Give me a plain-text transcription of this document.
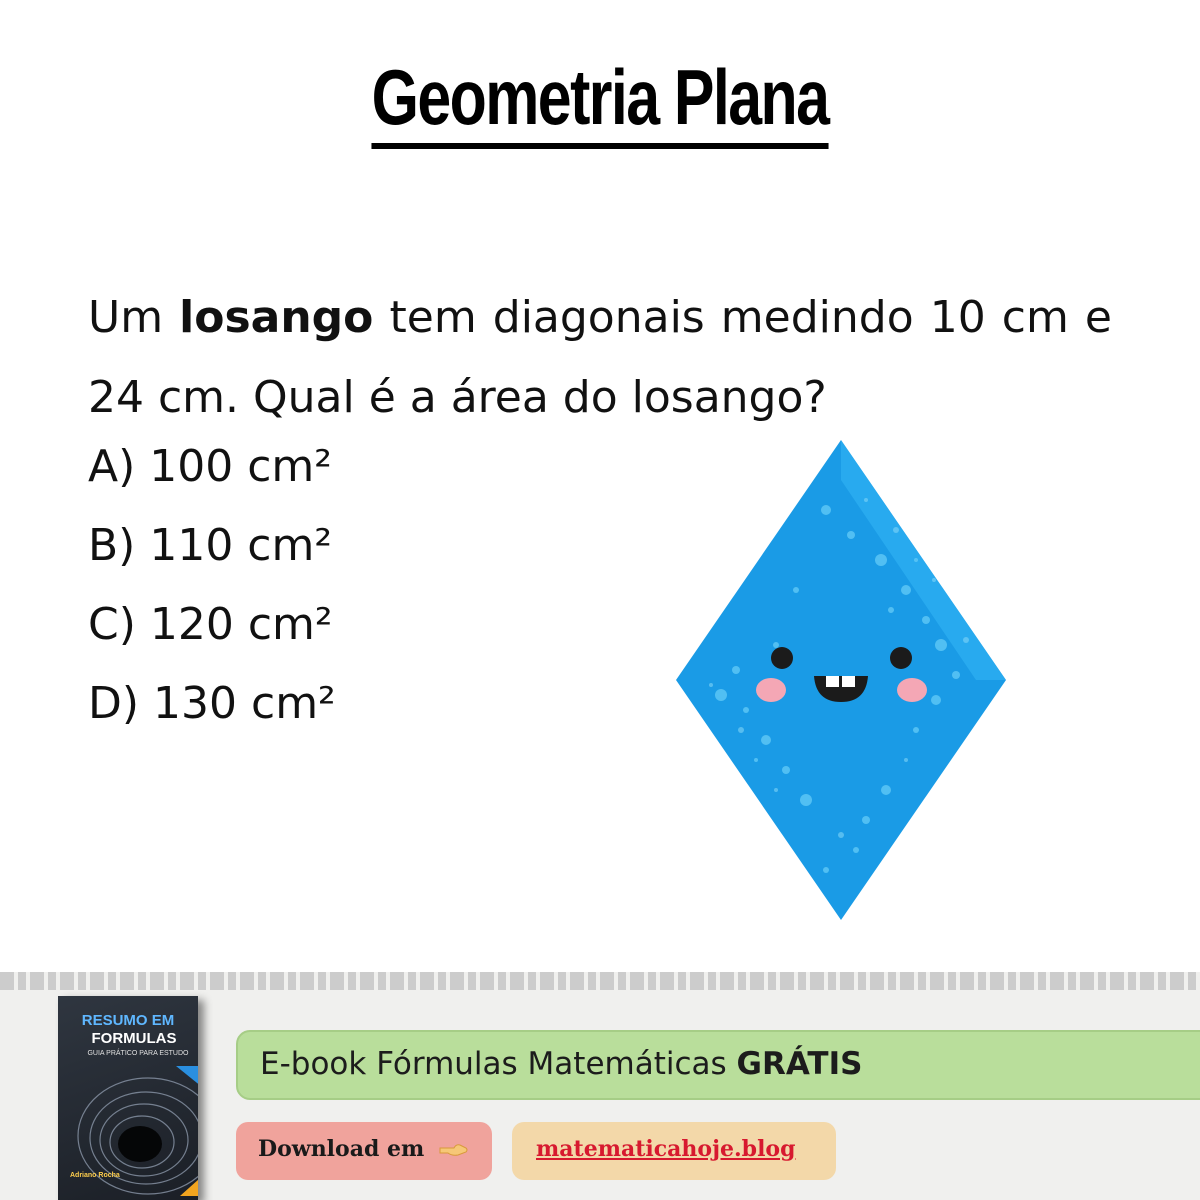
Geometria Plana
Um losango tem diagonais medindo 10 cm e 24 cm. Qual é a área do losango?
A) 100 cm²
B) 110 cm²
C) 120 cm²
D) 130 cm²
RESUMO EM
FORMULAS
GUIA PRÁTICO PARA ESTUDO
Adriano Rocha
E-book Fórmulas Matemáticas GRÁTIS
Download em	matematicahoje.blog
